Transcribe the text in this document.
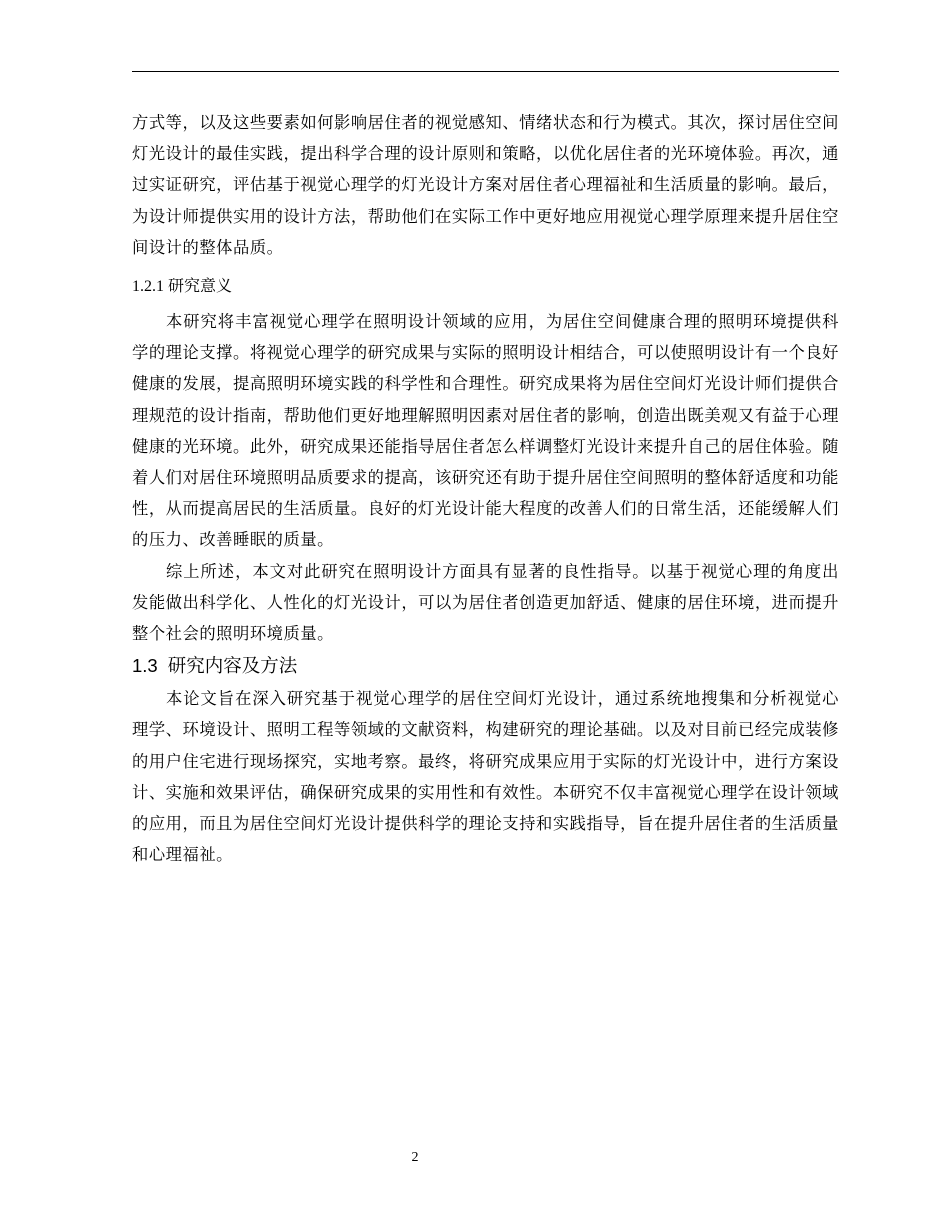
方式等，以及这些要素如何影响居住者的视觉感知、情绪状态和行为模式。其次，探讨居住空间灯光设计的最佳实践，提出科学合理的设计原则和策略，以优化居住者的光环境体验。再次，通过实证研究，评估基于视觉心理学的灯光设计方案对居住者心理福祉和生活质量的影响。最后，为设计师提供实用的设计方法，帮助他们在实际工作中更好地应用视觉心理学原理来提升居住空间设计的整体品质。

1.2.1 研究意义

本研究将丰富视觉心理学在照明设计领域的应用，为居住空间健康合理的照明环境提供科学的理论支撑。将视觉心理学的研究成果与实际的照明设计相结合，可以使照明设计有一个良好健康的发展，提高照明环境实践的科学性和合理性。研究成果将为居住空间灯光设计师们提供合理规范的设计指南，帮助他们更好地理解照明因素对居住者的影响，创造出既美观又有益于心理健康的光环境。此外，研究成果还能指导居住者怎么样调整灯光设计来提升自己的居住体验。随着人们对居住环境照明品质要求的提高，该研究还有助于提升居住空间照明的整体舒适度和功能性，从而提高居民的生活质量。良好的灯光设计能大程度的改善人们的日常生活，还能缓解人们的压力、改善睡眠的质量。

综上所述，本文对此研究在照明设计方面具有显著的良性指导。以基于视觉心理的角度出发能做出科学化、人性化的灯光设计，可以为居住者创造更加舒适、健康的居住环境，进而提升整个社会的照明环境质量。

1.3 研究内容及方法

本论文旨在深入研究基于视觉心理学的居住空间灯光设计，通过系统地搜集和分析视觉心理学、环境设计、照明工程等领域的文献资料，构建研究的理论基础。以及对目前已经完成装修的用户住宅进行现场探究，实地考察。最终，将研究成果应用于实际的灯光设计中，进行方案设计、实施和效果评估，确保研究成果的实用性和有效性。本研究不仅丰富视觉心理学在设计领域的应用，而且为居住空间灯光设计提供科学的理论支持和实践指导，旨在提升居住者的生活质量和心理福祉。

2
